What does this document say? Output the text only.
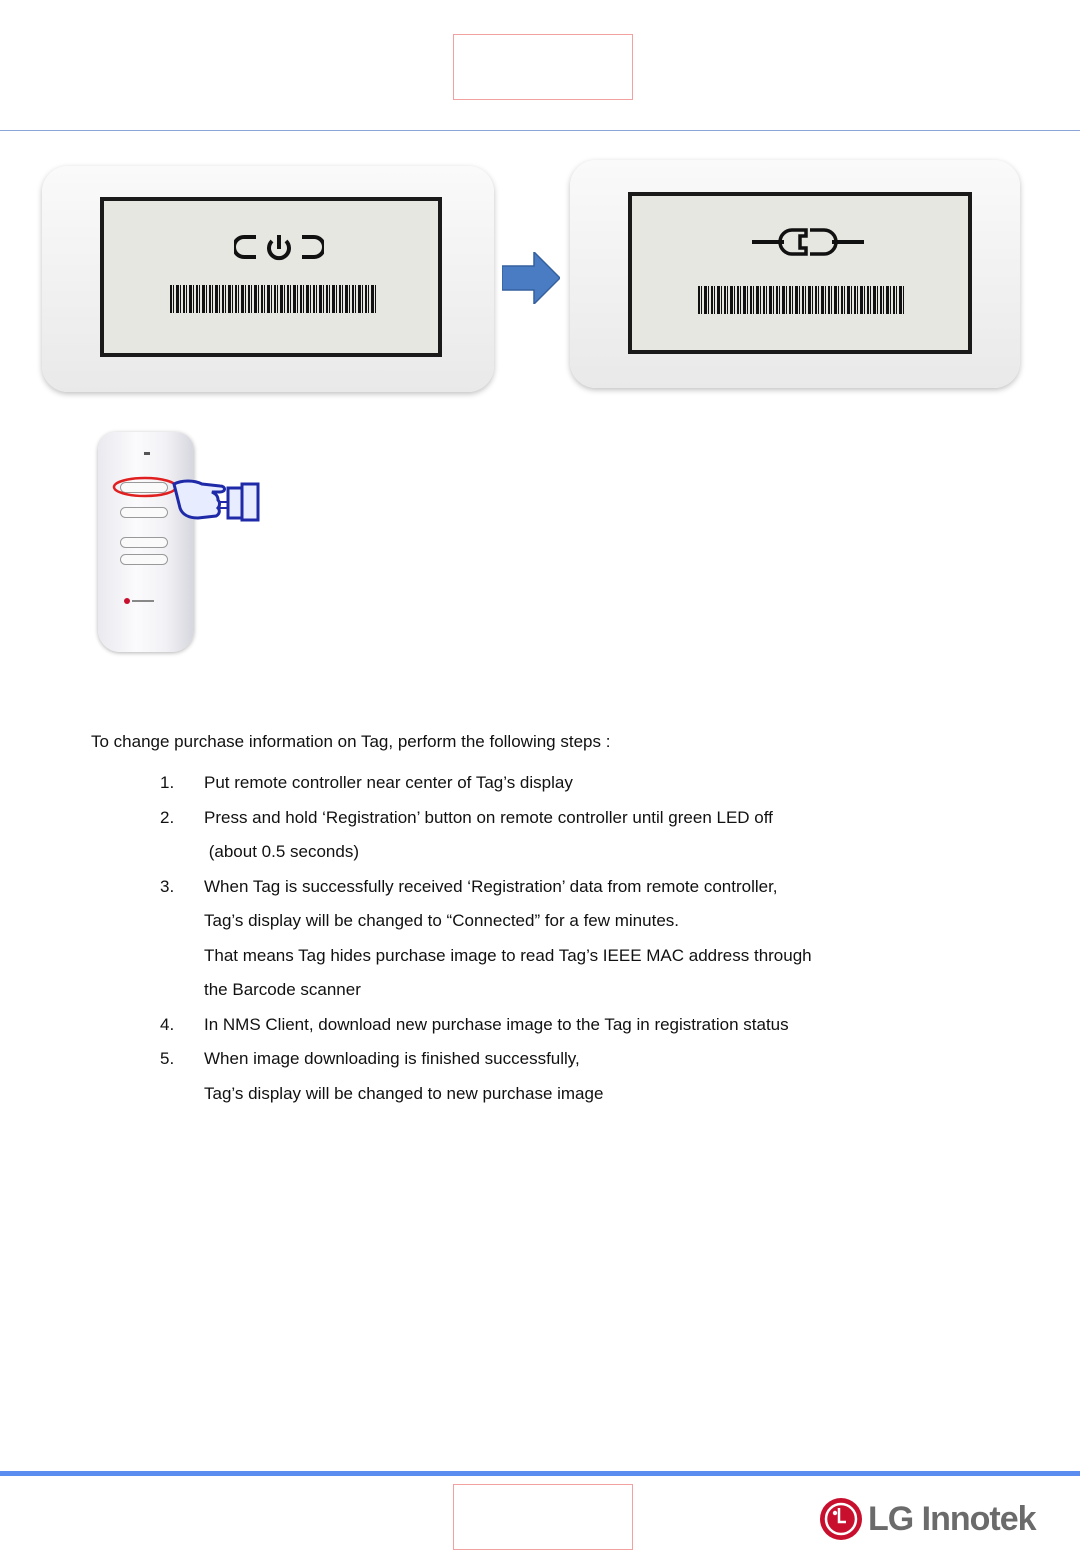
To change purchase information on Tag, perform the following steps :
1.	Put remote controller near center of Tag’s display
2.	Press and hold ‘Registration’ button on remote controller until green LED off
(about 0.5 seconds)
3.	When Tag is successfully received ‘Registration’ data from remote controller,
Tag’s display will be changed to “Connected” for a few minutes.
That means Tag hides purchase image to read Tag’s IEEE MAC address through
the Barcode scanner
4.	In NMS Client, download new purchase image to the Tag in registration status
5.	When image downloading is finished successfully,
Tag’s display will be changed to new purchase image
LG Innotek
